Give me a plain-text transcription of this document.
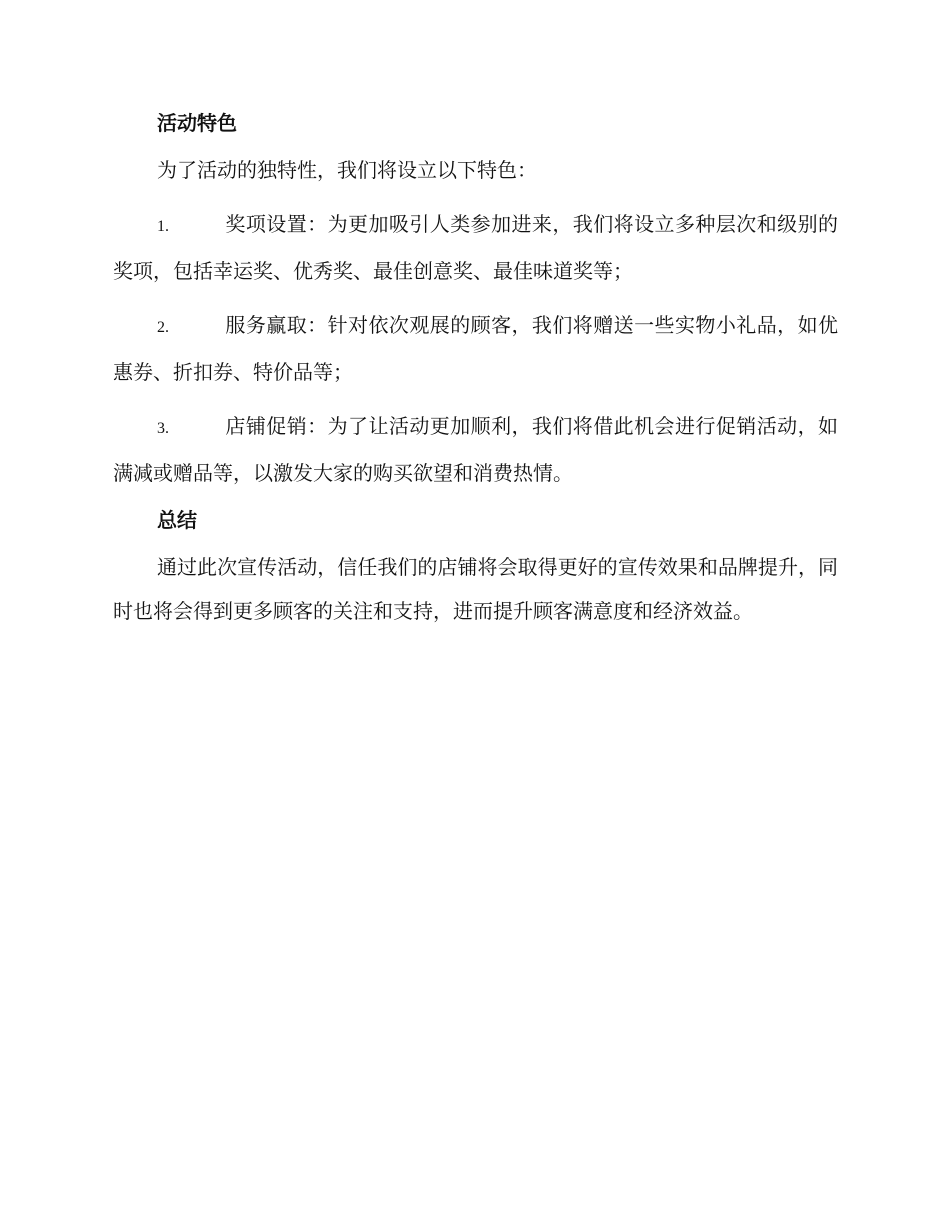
活动特色

为了活动的独特性，我们将设立以下特色：

1.	奖项设置：为更加吸引人类参加进来，我们将设立多种层次和级别的奖项，包括幸运奖、优秀奖、最佳创意奖、最佳味道奖等；

2.	服务赢取：针对依次观展的顾客，我们将赠送一些实物小礼品，如优惠券、折扣券、特价品等；

3.	店铺促销：为了让活动更加顺利，我们将借此机会进行促销活动，如满减或赠品等，以激发大家的购买欲望和消费热情。

总结

通过此次宣传活动，信任我们的店铺将会取得更好的宣传效果和品牌提升，同时也将会得到更多顾客的关注和支持，进而提升顾客满意度和经济效益。
